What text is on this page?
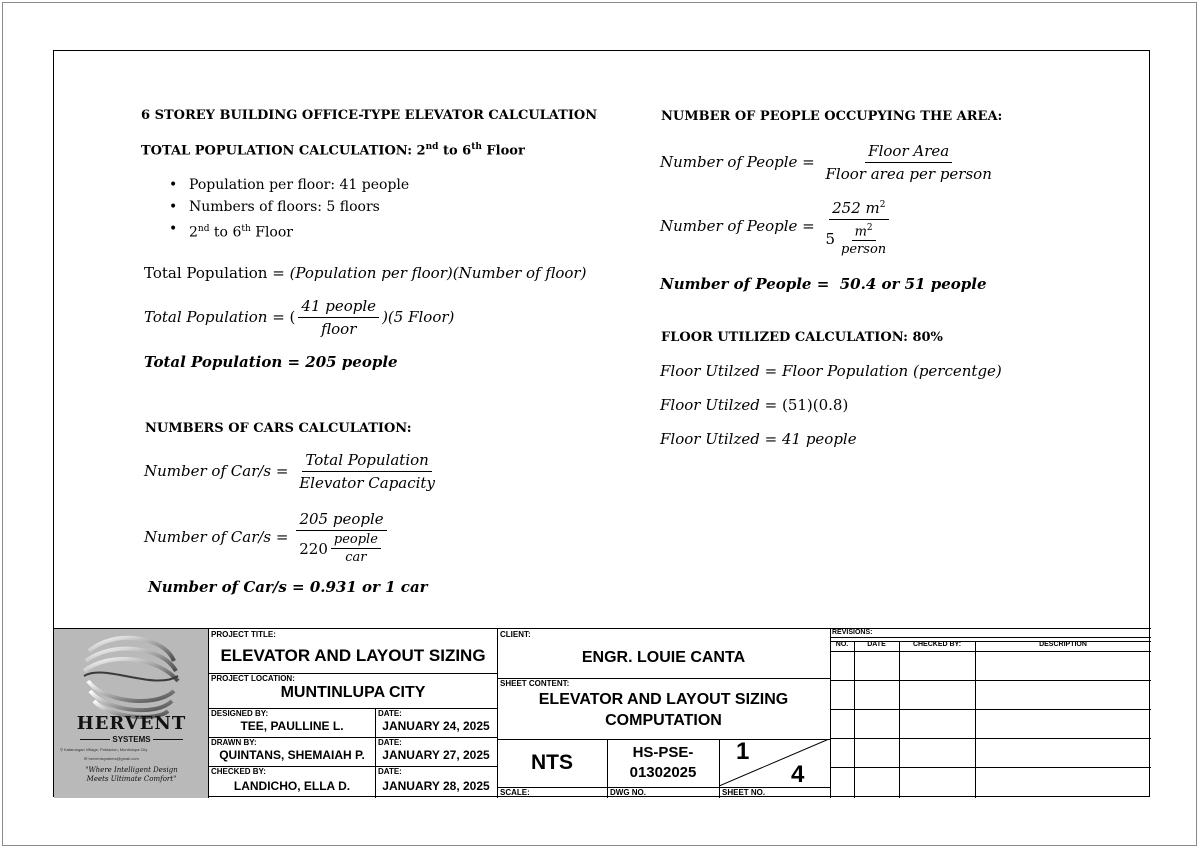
6 STOREY BUILDING OFFICE-TYPE ELEVATOR CALCULATION
TOTAL POPULATION CALCULATION: 2nd to 6th Floor
• Population per floor: 41 people
• Numbers of floors: 5 floors
• 2nd to 6th Floor
Total Population = (Population per floor)(Number of floor)
Total Population = ( $\frac{\text{41 people}}{\text{floor}} )(5$ Floor)
Total Population = 205 people
NUMBERS OF CARS CALCULATION:
Number of $Car/s = \frac{\text{Total Population}}{\text{Elevator Capacity}}$
Number of $Car/s = \frac{\text{205 people}}{220 \frac{\text{people}}{\text{car}}}$
Number of Car/s = 0.931 or 1 car
NUMBER OF PEOPLE OCCUPYING THE AREA:
Number of People = $\frac{\text{Floor Area}}{\text{Floor area per person}}$
Number of People = $\frac{252 m^2}{5 \frac{m^2}{\text{person}}}$
Number of People = 50.4 or 51 people
FLOOR UTILIZED CALCULATION: 80%
Floor Utilzed = Floor Population (percentge)
Floor Utilzed = (51)(0.8)
Floor Utilzed = 41 people
HERVENT
SYSTEMS
⚲ Katarungan Village, Poblacion, Muntinlupa City
✉ herventsystems@gmail.com
"Where Intelligent Design
Meets Ultimate Comfort"
PROJECT TITLE:
ELEVATOR AND LAYOUT SIZING
PROJECT LOCATION:
MUNTINLUPA CITY
DESIGNED BY:
TEE, PAULLINE L.
DATE:
JANUARY 24, 2025
DRAWN BY:
QUINTANS, SHEMAIAH P.
DATE:
JANUARY 27, 2025
CHECKED BY:
LANDICHO, ELLA D.
DATE:
JANUARY 28, 2025
CLIENT:
ENGR. LOUIE CANTA
SHEET CONTENT:
ELEVATOR AND LAYOUT SIZING
COMPUTATION
NTS
SCALE:
HS-PSE-
01302025
DWG NO.
1
4
SHEET NO.
REVISIONS:
NO.	DATE	CHECKED BY:	DESCRIPTION
